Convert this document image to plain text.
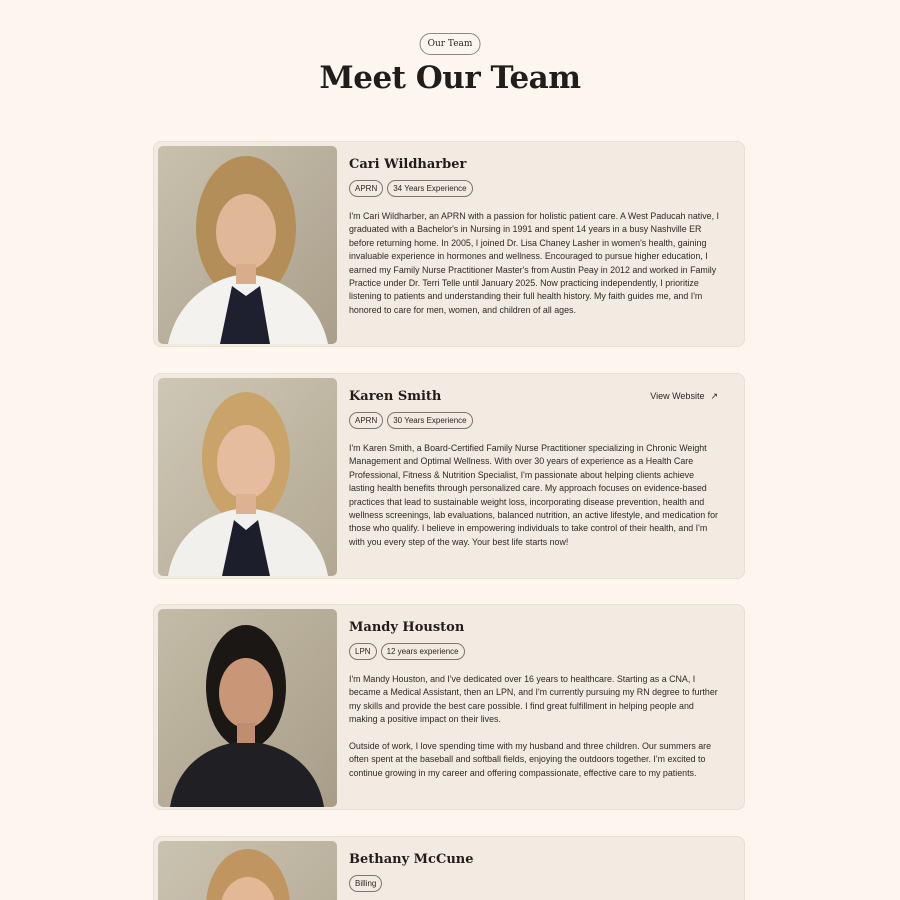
Our Team
Meet Our Team
Cari Wildharber
APRN	34 Years Experience

I'm Cari Wildharber, an APRN with a passion for holistic patient care. A West Paducah native, I graduated with a Bachelor's in Nursing in 1991 and spent 14 years in a busy Nashville ER before returning home. In 2005, I joined Dr. Lisa Chaney Lasher in women's health, gaining invaluable experience in hormones and wellness. Encouraged to pursue higher education, I earned my Family Nurse Practitioner Master's from Austin Peay in 2012 and worked in Family Practice under Dr. Terri Telle until January 2025. Now practicing independently, I prioritize listening to patients and understanding their full health history. My faith guides me, and I'm honored to care for men, women, and children of all ages.

Karen Smith
APRN	30 Years Experience

I'm Karen Smith, a Board-Certified Family Nurse Practitioner specializing in Chronic Weight Management and Optimal Wellness. With over 30 years of experience as a Health Care Professional, Fitness & Nutrition Specialist, I'm passionate about helping clients achieve lasting health benefits through personalized care. My approach focuses on evidence-based practices that lead to sustainable weight loss, incorporating disease prevention, health and wellness screenings, lab evaluations, balanced nutrition, an active lifestyle, and medication for those who qualify. I believe in empowering individuals to take control of their health, and I'm with you every step of the way. Your best life starts now!

View Website ↗
Mandy Houston
LPN	12 years experience

I'm Mandy Houston, and I've dedicated over 16 years to healthcare. Starting as a CNA, I became a Medical Assistant, then an LPN, and I'm currently pursuing my RN degree to further my skills and provide the best care possible. I find great fulfillment in helping people and making a positive impact on their lives.

Outside of work, I love spending time with my husband and three children. Our summers are often spent at the baseball and softball fields, enjoying the outdoors together. I'm excited to continue growing in my career and offering compassionate, effective care to my patients.

Bethany McCune
Billing
